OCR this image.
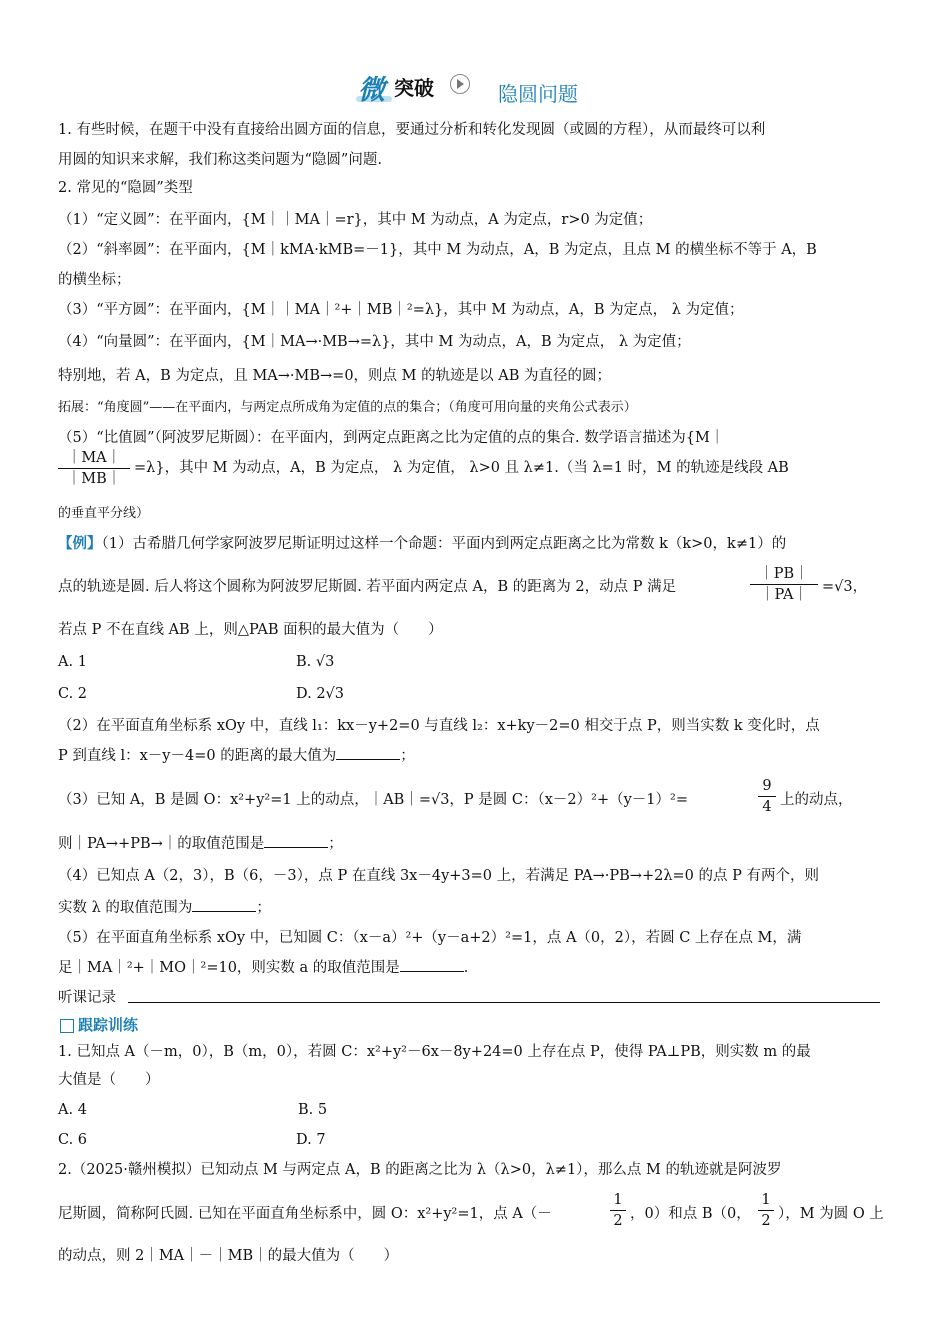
微 突破	隐圆问题
1. 有些时候，在题干中没有直接给出圆方面的信息，要通过分析和转化发现圆（或圆的方程），从而最终可以利
用圆的知识来求解，我们称这类问题为“隐圆”问题.
2. 常见的“隐圆”类型
（1）“定义圆”：在平面内，{M｜｜MA｜=r}，其中 M 为动点，A 为定点，r>0 为定值；
（2）“斜率圆”：在平面内，{M｜kMA·kMB=－1}，其中 M 为动点，A，B 为定点，且点 M 的横坐标不等于 A，B
的横坐标；
（3）“平方圆”：在平面内，{M｜｜MA｜²+｜MB｜²=λ}，其中 M 为动点，A，B 为定点， λ 为定值；
（4）“向量圆”：在平面内，{M｜MA→·MB→=λ}，其中 M 为动点，A，B 为定点， λ 为定值；
特别地，若 A，B 为定点，且 MA→·MB→=0，则点 M 的轨迹是以 AB 为直径的圆；
拓展：“角度圆”——在平面内，与两定点所成角为定值的点的集合；（角度可用向量的夹角公式表示）
（5）“比值圆”（阿波罗尼斯圆）：在平面内，到两定点距离之比为定值的点的集合. 数学语言描述为{M｜
$\frac{|MA|}{|MB|} =\lambda$}，其中 M 为动点，A，B 为定点， λ 为定值， λ>0 且 λ≠1.（当 λ=1 时，M 的轨迹是线段 AB
的垂直平分线）
【例】（1）古希腊几何学家阿波罗尼斯证明过这样一个命题：平面内到两定点距离之比为常数 k（k>0，k≠1）的
点的轨迹是圆. 后人将这个圆称为阿波罗尼斯圆. 若平面内两定点 A，B 的距离为 2，动点 P 满足	$\frac{|PB|}{|PA|} =√3$，
若点 P 不在直线 AB 上，则△PAB 面积的最大值为（　　）
A. 1	B. √3
C. 2	D. 2√3
（2）在平面直角坐标系 xOy 中，直线 l₁：kx－y+2=0 与直线 l₂：x+ky－2=0 相交于点 P，则当实数 k 变化时，点
P 到直线 l：x－y－4=0 的距离的最大值为	；
（3）已知 A，B 是圆 O：x²+y²=1 上的动点，｜AB｜=√3，P 是圆 C：（x－2）²+（y－1）²=	$\frac{9}{4}$ 上的动点，
则｜PA→+PB→｜的取值范围是	；
（4）已知点 A（2，3），B（6，－3），点 P 在直线 3x－4y+3=0 上，若满足 PA→·PB→+2λ=0 的点 P 有两个，则
实数 λ 的取值范围为	；
（5）在平面直角坐标系 xOy 中，已知圆 C：（x－a）²+（y－a+2）²=1，点 A（0，2），若圆 C 上存在点 M，满
足｜MA｜²+｜MO｜²=10，则实数 a 的取值范围是	.
听课记录
跟踪训练
1. 已知点 A（－m，0），B（m，0），若圆 C：x²+y²－6x－8y+24=0 上存在点 P，使得 PA⊥PB，则实数 m 的最
大值是（　　）
A. 4	B. 5
C. 6	D. 7
2.（2025·赣州模拟）已知动点 M 与两定点 A，B 的距离之比为 λ（λ>0，λ≠1），那么点 M 的轨迹就是阿波罗
尼斯圆，简称阿氏圆. 已知在平面直角坐标系中，圆 O：x²+y²=1，点 A（－	$\frac{1}{2}$ ，0）和点 B（0， $\frac{1}{2}$ ），M 为圆 O 上
的动点，则 2｜MA｜－｜MB｜的最大值为（　　）
